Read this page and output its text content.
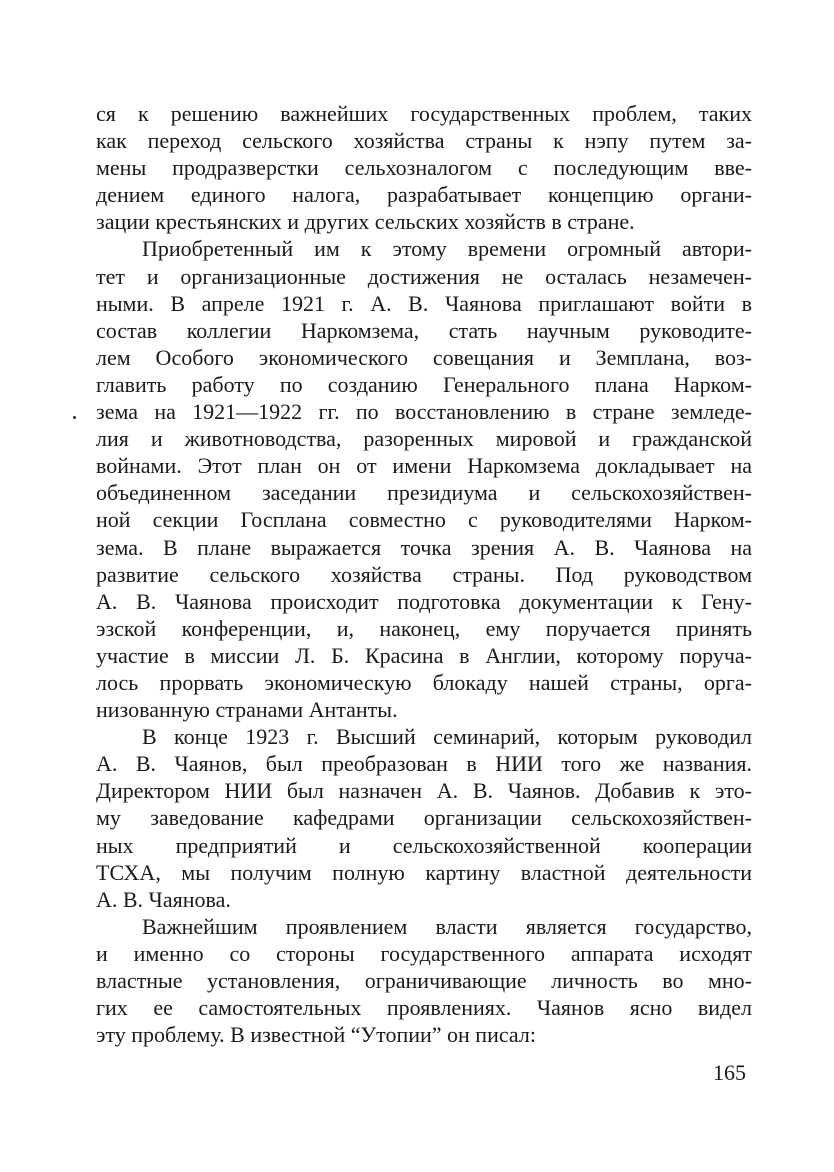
ся к решению важнейших государственных проблем, таких
как переход сельского хозяйства страны к нэпу путем за-
мены продразверстки сельхозналогом с последующим вве-
дением единого налога, разрабатывает концепцию органи-
зации крестьянских и других сельских хозяйств в стране.
Приобретенный им к этому времени огромный автори-
тет и организационные достижения не осталась незамечен-
ными. В апреле 1921 г. А. В. Чаянова приглашают войти в
состав коллегии Наркомзема, стать научным руководите-
лем Особого экономического совещания и Земплана, воз-
главить работу по созданию Генерального плана Нарком-
зема на 1921—1922 гг. по восстановлению в стране земледе-
лия и животноводства, разоренных мировой и гражданской
войнами. Этот план он от имени Наркомзема докладывает на
объединенном заседании президиума и сельскохозяйствен-
ной секции Госплана совместно с руководителями Нарком-
зема. В плане выражается точка зрения А. В. Чаянова на
развитие сельского хозяйства страны. Под руководством
А. В. Чаянова происходит подготовка документации к Гену-
эзской конференции, и, наконец, ему поручается принять
участие в миссии Л. Б. Красина в Англии, которому поруча-
лось прорвать экономическую блокаду нашей страны, орга-
низованную странами Антанты.
В конце 1923 г. Высший семинарий, которым руководил
А. В. Чаянов, был преобразован в НИИ того же названия.
Директором НИИ был назначен А. В. Чаянов. Добавив к это-
му заведование кафедрами организации сельскохозяйствен-
ных предприятий и сельскохозяйственной кооперации
ТСХА, мы получим полную картину властной деятельности
А. В. Чаянова.
Важнейшим проявлением власти является государство,
и именно со стороны государственного аппарата исходят
властные установления, ограничивающие личность во мно-
гих ее самостоятельных проявлениях. Чаянов ясно видел
эту проблему. В известной “Утопии” он писал:
165
